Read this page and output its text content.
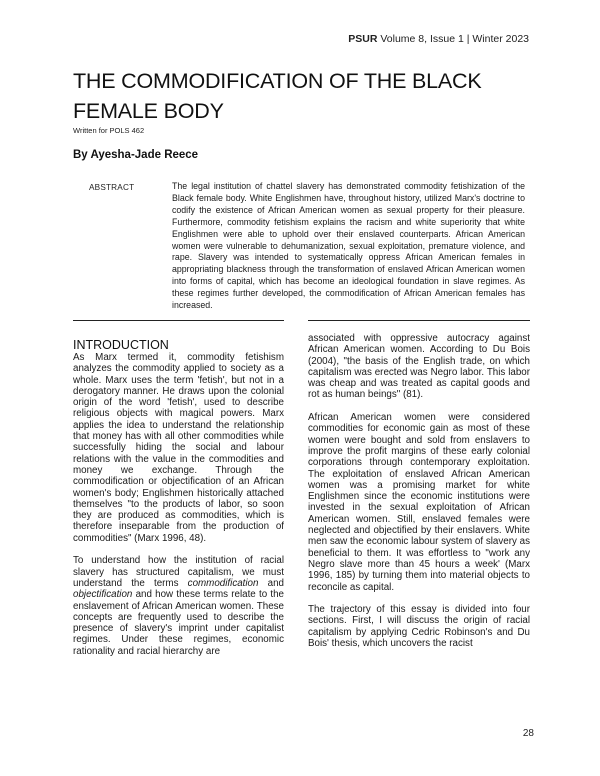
PSUR Volume 8, Issue 1 | Winter 2023
THE COMMODIFICATION OF THE BLACK FEMALE BODY
Written for POLS 462
By Ayesha-Jade Reece
ABSTRACT	The legal institution of chattel slavery has demonstrated commodity fetishization of the Black female body. White Englishmen have, throughout history, utilized Marx's doctrine to codify the existence of African American women as sexual property for their pleasure. Furthermore, commodity fetishism explains the racism and white superiority that white Englishmen were able to uphold over their enslaved counterparts. African American women were vulnerable to dehumanization, sexual exploitation, premature violence, and rape. Slavery was intended to systematically oppress African American females in appropriating blackness through the transformation of enslaved African American women into forms of capital, which has become an ideological foundation in slave regimes. As these regimes further developed, the commodification of African American females has increased.

INTRODUCTION

As Marx termed it, commodity fetishism analyzes the commodity applied to society as a whole. Marx uses the term 'fetish', but not in a derogatory manner. He draws upon the colonial origin of the word 'fetish', used to describe religious objects with magical powers. Marx applies the idea to understand the relationship that money has with all other commodities while successfully hiding the social and labour relations with the value in the commodities and money we exchange. Through the commodification or objectification of an African women's body; Englishmen historically attached themselves "to the products of labor, so soon they are produced as commodities, which is therefore inseparable from the production of commodities" (Marx 1996, 48).

To understand how the institution of racial slavery has structured capitalism, we must understand the terms commodification and objectification and how these terms relate to the enslavement of African American women. These concepts are frequently used to describe the presence of slavery's imprint under capitalist regimes. Under these regimes, economic rationality and racial hierarchy are

associated with oppressive autocracy against African American women. According to Du Bois (2004), "the basis of the English trade, on which capitalism was erected was Negro labor. This labor was cheap and was treated as capital goods and rot as human beings" (81).

African American women were considered commodities for economic gain as most of these women were bought and sold from enslavers to improve the profit margins of these early colonial corporations through contemporary exploitation. The exploitation of enslaved African American women was a promising market for white Englishmen since the economic institutions were invested in the sexual exploitation of African American women. Still, enslaved females were neglected and objectified by their enslavers. White men saw the economic labour system of slavery as beneficial to them. It was effortless to "work any Negro slave more than 45 hours a week' (Marx 1996, 185) by turning them into material objects to reconcile as capital.

The trajectory of this essay is divided into four sections. First, I will discuss the origin of racial capitalism by applying Cedric Robinson's and Du Bois' thesis, which uncovers the racist

28
